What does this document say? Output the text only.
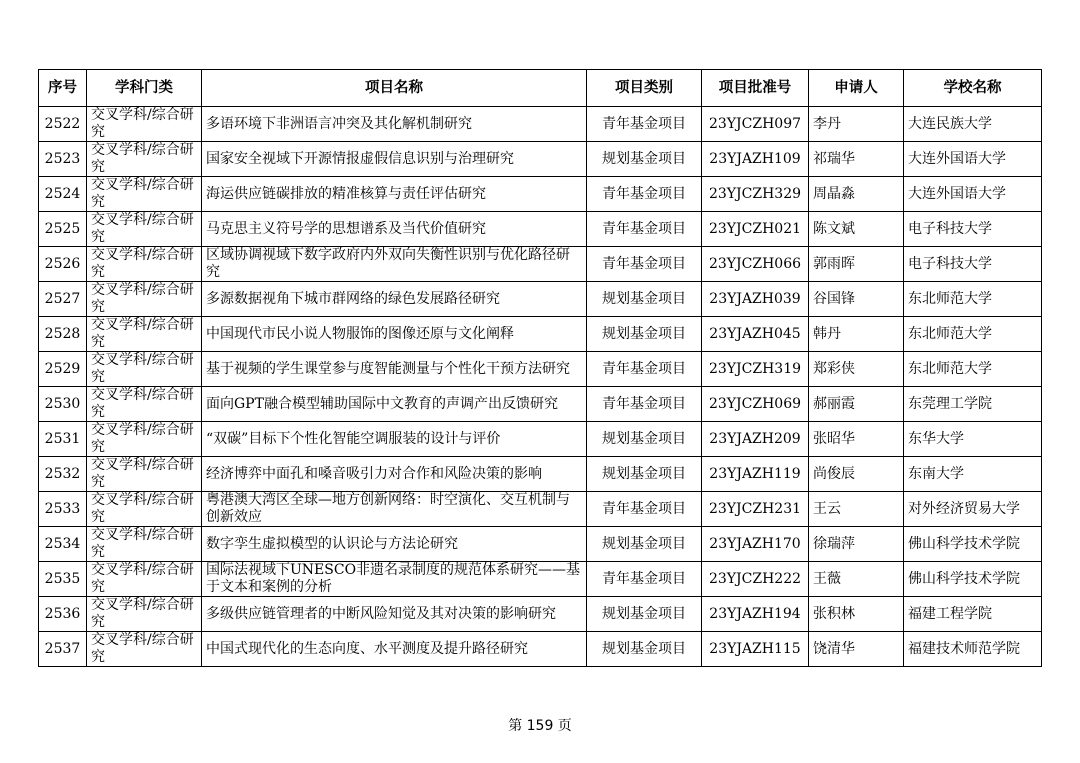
序号	学科门类	项目名称	项目类别	项目批准号	申请人	学校名称
2522	交叉学科/综合研究	多语环境下非洲语言冲突及其化解机制研究	青年基金项目	23YJCZH097	李丹	大连民族大学
2523	交叉学科/综合研究	国家安全视域下开源情报虚假信息识别与治理研究	规划基金项目	23YJAZH109	祁瑞华	大连外国语大学
2524	交叉学科/综合研究	海运供应链碳排放的精准核算与责任评估研究	青年基金项目	23YJCZH329	周晶淼	大连外国语大学
2525	交叉学科/综合研究	马克思主义符号学的思想谱系及当代价值研究	青年基金项目	23YJCZH021	陈文斌	电子科技大学
2526	交叉学科/综合研究	区域协调视域下数字政府内外双向失衡性识别与优化路径研究	青年基金项目	23YJCZH066	郭雨晖	电子科技大学
2527	交叉学科/综合研究	多源数据视角下城市群网络的绿色发展路径研究	规划基金项目	23YJAZH039	谷国锋	东北师范大学
2528	交叉学科/综合研究	中国现代市民小说人物服饰的图像还原与文化阐释	规划基金项目	23YJAZH045	韩丹	东北师范大学
2529	交叉学科/综合研究	基于视频的学生课堂参与度智能测量与个性化干预方法研究	青年基金项目	23YJCZH319	郑彩侠	东北师范大学
2530	交叉学科/综合研究	面向GPT融合模型辅助国际中文教育的声调产出反馈研究	青年基金项目	23YJCZH069	郝丽霞	东莞理工学院
2531	交叉学科/综合研究	“双碳”目标下个性化智能空调服装的设计与评价	规划基金项目	23YJAZH209	张昭华	东华大学
2532	交叉学科/综合研究	经济博弈中面孔和嗓音吸引力对合作和风险决策的影响	规划基金项目	23YJAZH119	尚俊辰	东南大学
2533	交叉学科/综合研究	粤港澳大湾区全球—地方创新网络：时空演化、交互机制与创新效应	青年基金项目	23YJCZH231	王云	对外经济贸易大学
2534	交叉学科/综合研究	数字孪生虚拟模型的认识论与方法论研究	规划基金项目	23YJAZH170	徐瑞萍	佛山科学技术学院
2535	交叉学科/综合研究	国际法视域下UNESCO非遗名录制度的规范体系研究——基于文本和案例的分析	青年基金项目	23YJCZH222	王薇	佛山科学技术学院
2536	交叉学科/综合研究	多级供应链管理者的中断风险知觉及其对决策的影响研究	规划基金项目	23YJAZH194	张积林	福建工程学院
2537	交叉学科/综合研究	中国式现代化的生态向度、水平测度及提升路径研究	规划基金项目	23YJAZH115	饶清华	福建技术师范学院
第 159 页
